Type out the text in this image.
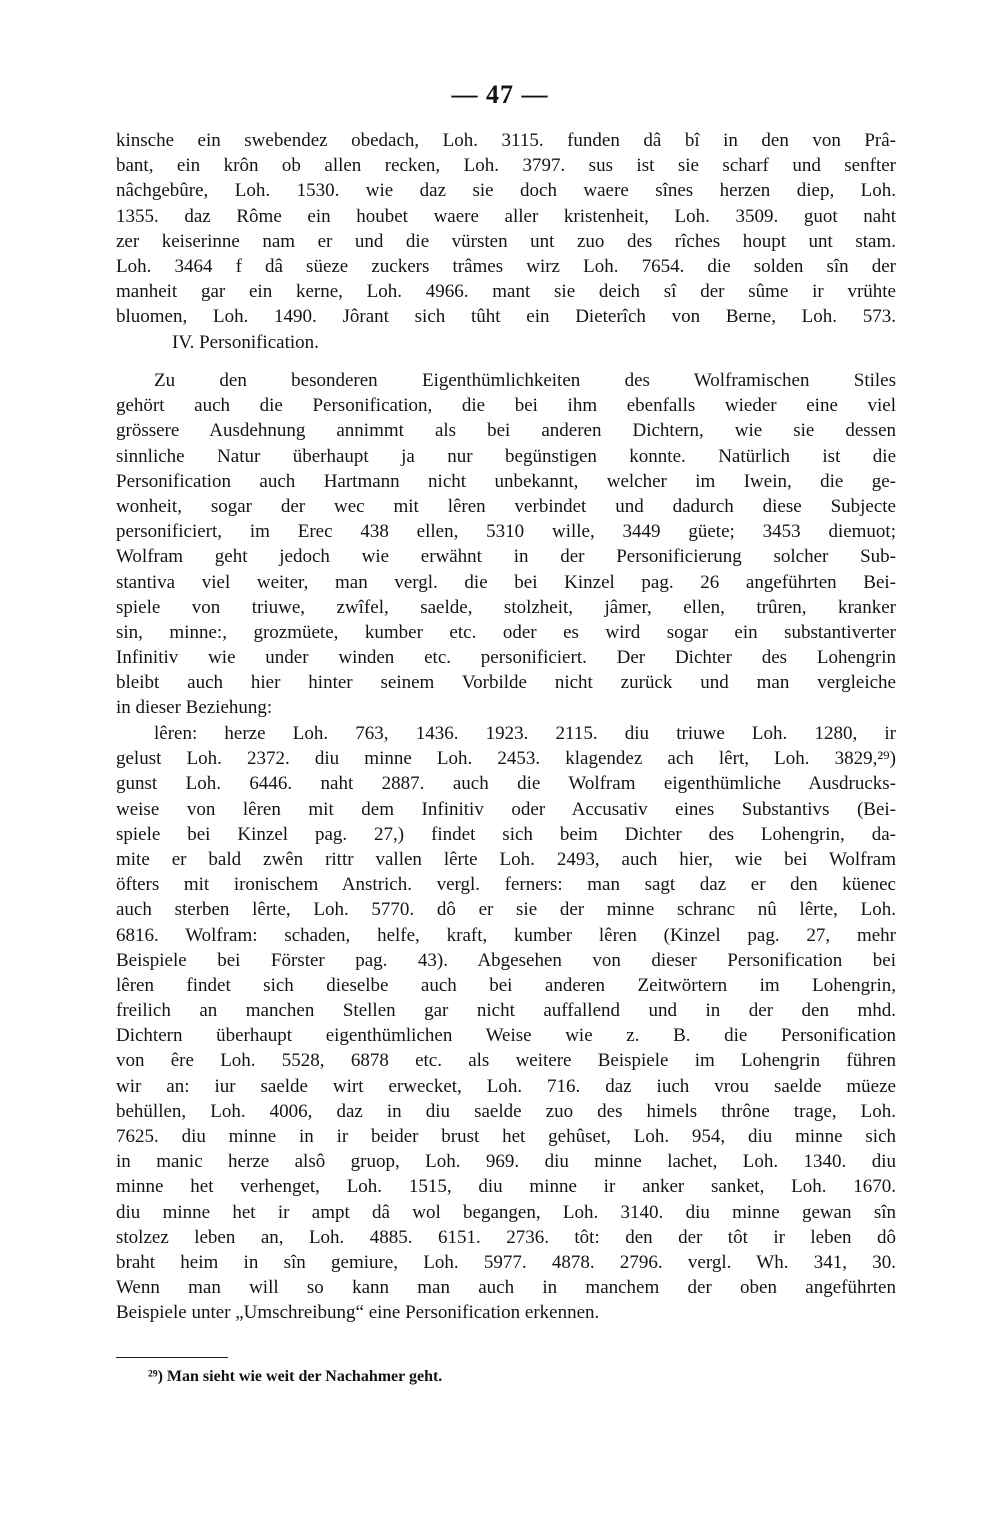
— 47 —
kinsche ein swebendez obedach, Loh. 3115. funden dâ bî in den von Prâ-
bant, ein krôn ob allen recken, Loh. 3797. sus ist sie scharf und senfter
nâchgebûre, Loh. 1530. wie daz sie doch waere sînes herzen diep, Loh.
1355. daz Rôme ein houbet waere aller kristenheit, Loh. 3509. guot naht
zer keiserinne nam er und die vürsten unt zuo des rîches houpt unt stam.
Loh. 3464 f dâ süeze zuckers trâmes wirz Loh. 7654. die solden sîn der
manheit gar ein kerne, Loh. 4966. mant sie deich sî der sûme ir vrühte
bluomen, Loh. 1490. Jôrant sich tûht ein Dieterîch von Berne, Loh. 573.
IV. Personification.
Zu den besonderen Eigenthümlichkeiten des Wolframischen Stiles
gehört auch die Personification, die bei ihm ebenfalls wieder eine viel
grössere Ausdehnung annimmt als bei anderen Dichtern, wie sie dessen
sinnliche Natur überhaupt ja nur begünstigen konnte. Natürlich ist die
Personification auch Hartmann nicht unbekannt, welcher im Iwein, die ge-
wonheit, sogar der wec mit lêren verbindet und dadurch diese Subjecte
personificiert, im Erec 438 ellen, 5310 wille, 3449 güete; 3453 diemuot;
Wolfram geht jedoch wie erwähnt in der Personificierung solcher Sub-
stantiva viel weiter, man vergl. die bei Kinzel pag. 26 angeführten Bei-
spiele von triuwe, zwîfel, saelde, stolzheit, jâmer, ellen, trûren, kranker
sin, minne:, grozmüete, kumber etc. oder es wird sogar ein substantiverter
Infinitiv wie under winden etc. personificiert. Der Dichter des Lohengrin
bleibt auch hier hinter seinem Vorbilde nicht zurück und man vergleiche
in dieser Beziehung:
lêren: herze Loh. 763, 1436. 1923. 2115. diu triuwe Loh. 1280, ir
gelust Loh. 2372. diu minne Loh. 2453. klagendez ach lêrt, Loh. 3829,²⁹)
gunst Loh. 6446. naht 2887. auch die Wolfram eigenthümliche Ausdrucks-
weise von lêren mit dem Infinitiv oder Accusativ eines Substantivs (Bei-
spiele bei Kinzel pag. 27,) findet sich beim Dichter des Lohengrin, da-
mite er bald zwên rittr vallen lêrte Loh. 2493, auch hier, wie bei Wolfram
öfters mit ironischem Anstrich. vergl. ferners: man sagt daz er den küenec
auch sterben lêrte, Loh. 5770. dô er sie der minne schranc nû lêrte, Loh.
6816. Wolfram: schaden, helfe, kraft, kumber lêren (Kinzel pag. 27, mehr
Beispiele bei Förster pag. 43). Abgesehen von dieser Personification bei
lêren findet sich dieselbe auch bei anderen Zeitwörtern im Lohengrin,
freilich an manchen Stellen gar nicht auffallend und in der den mhd.
Dichtern überhaupt eigenthümlichen Weise wie z. B. die Personification
von êre Loh. 5528, 6878 etc. als weitere Beispiele im Lohengrin führen
wir an: iur saelde wirt erwecket, Loh. 716. daz iuch vrou saelde müeze
behüllen, Loh. 4006, daz in diu saelde zuo des himels thrône trage, Loh.
7625. diu minne in ir beider brust het gehûset, Loh. 954, diu minne sich
in manic herze alsô gruop, Loh. 969. diu minne lachet, Loh. 1340. diu
minne het verhenget, Loh. 1515, diu minne ir anker sanket, Loh. 1670.
diu minne het ir ampt dâ wol begangen, Loh. 3140. diu minne gewan sîn
stolzez leben an, Loh. 4885. 6151. 2736. tôt: den der tôt ir leben dô
braht heim in sîn gemiure, Loh. 5977. 4878. 2796. vergl. Wh. 341, 30.
Wenn man will so kann man auch in manchem der oben angeführten
Beispiele unter „Umschreibung“ eine Personification erkennen.
²⁹) Man sieht wie weit der Nachahmer geht.
